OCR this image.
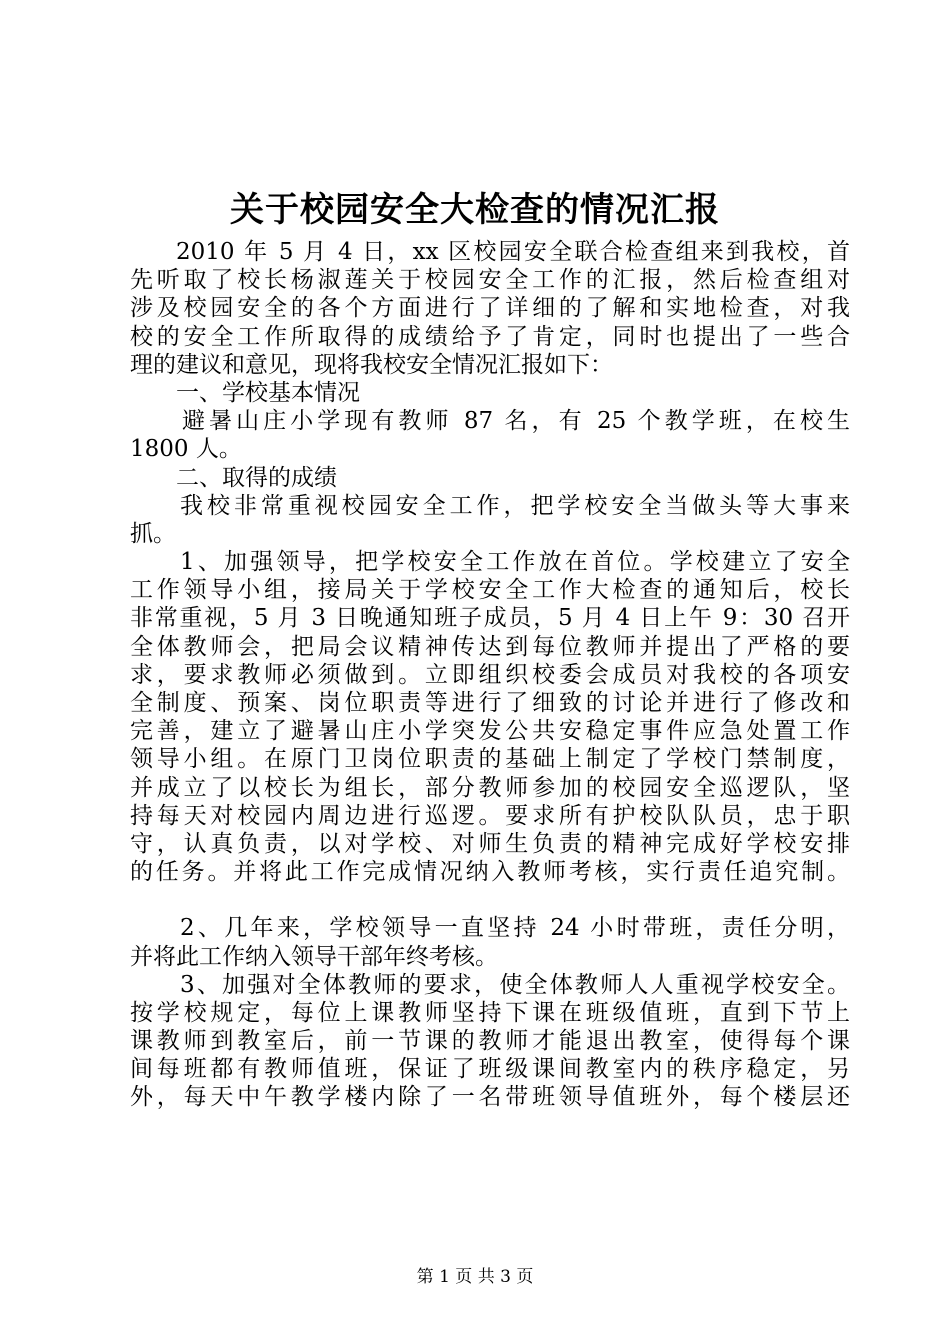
关于校园安全大检查的情况汇报
2010 年 5 月 4 日，xx 区校园安全联合检查组来到我校，首
先听取了校长杨淑莲关于校园安全工作的汇报，然后检查组对
涉及校园安全的各个方面进行了详细的了解和实地检查，对我
校的安全工作所取得的成绩给予了肯定，同时也提出了一些合
理的建议和意见，现将我校安全情况汇报如下：
一、学校基本情况
避暑山庄小学现有教师 87 名，有 25 个教学班，在校生
1800 人。
二、取得的成绩
我校非常重视校园安全工作，把学校安全当做头等大事来
抓。
1、加强领导，把学校安全工作放在首位。学校建立了安全
工作领导小组，接局关于学校安全工作大检查的通知后，校长
非常重视，5 月 3 日晚通知班子成员，5 月 4 日上午 9：30 召开
全体教师会，把局会议精神传达到每位教师并提出了严格的要
求，要求教师必须做到。立即组织校委会成员对我校的各项安
全制度、预案、岗位职责等进行了细致的讨论并进行了修改和
完善，建立了避暑山庄小学突发公共安稳定事件应急处置工作
领导小组。在原门卫岗位职责的基础上制定了学校门禁制度，
并成立了以校长为组长，部分教师参加的校园安全巡逻队，坚
持每天对校园内周边进行巡逻。要求所有护校队队员，忠于职
守，认真负责，以对学校、对师生负责的精神完成好学校安排
的任务。并将此工作完成情况纳入教师考核，实行责任追究制。
2、几年来，学校领导一直坚持 24 小时带班，责任分明，
并将此工作纳入领导干部年终考核。
3、加强对全体教师的要求，使全体教师人人重视学校安全。
按学校规定，每位上课教师坚持下课在班级值班，直到下节上
课教师到教室后，前一节课的教师才能退出教室，使得每个课
间每班都有教师值班，保证了班级课间教室内的秩序稳定，另
外，每天中午教学楼内除了一名带班领导值班外，每个楼层还
第 1 页 共 3 页
